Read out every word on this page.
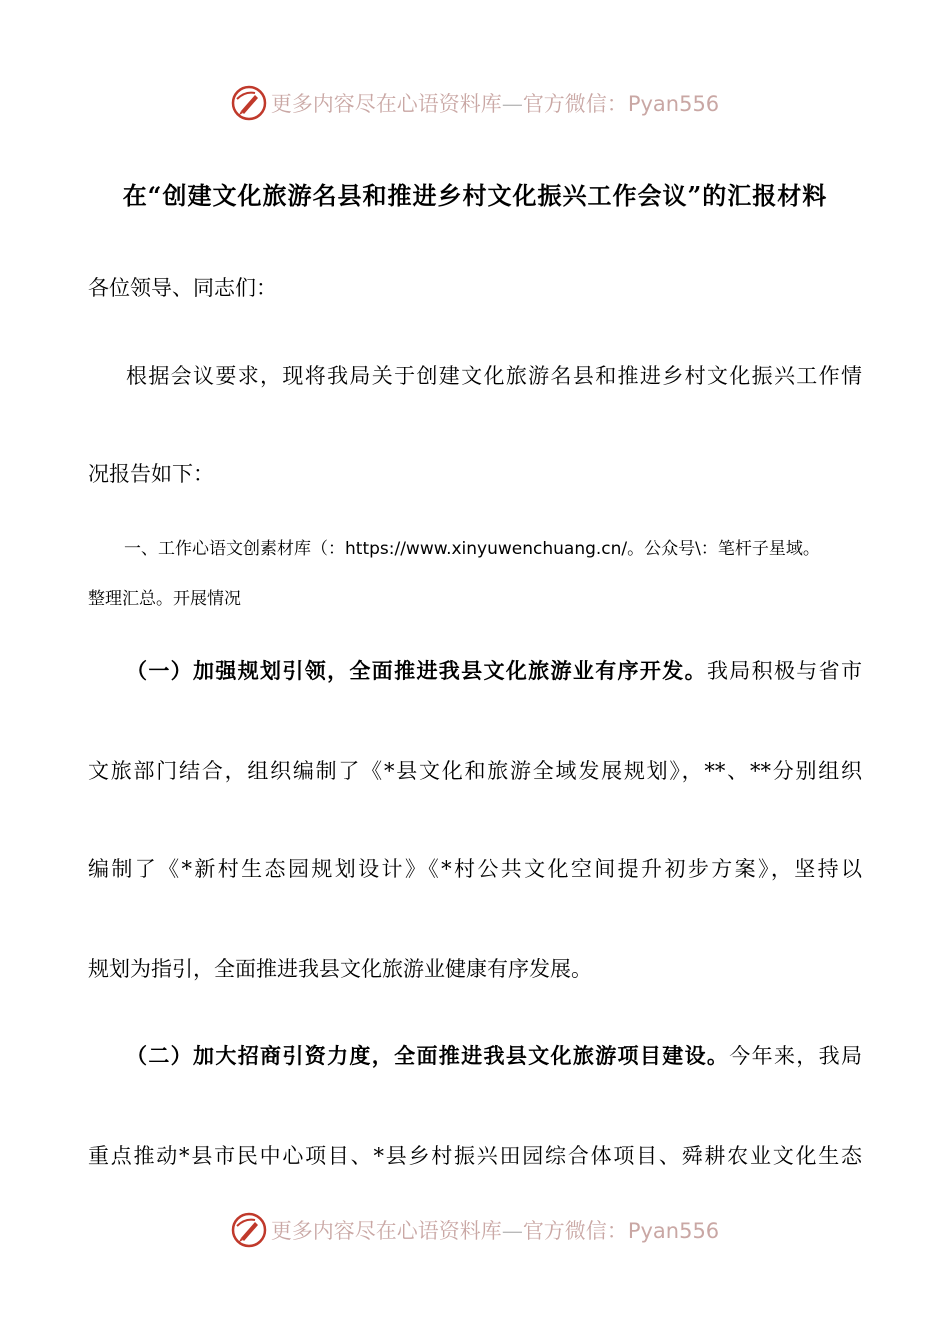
更多内容尽在心语资料库—官方微信：Pyan556
在“创建文化旅游名县和推进乡村文化振兴工作会议”的汇报材料
各位领导、同志们：
根据会议要求，现将我局关于创建文化旅游名县和推进乡村文化振兴工作情
况报告如下：
一、工作心语文创素材库（：https://www.xinyuwenchuang.cn/。公众号\：笔杆子星域。
整理汇总。开展情况
（一）加强规划引领，全面推进我县文化旅游业有序开发。我局积极与省市
文旅部门结合，组织编制了《*县文化和旅游全域发展规划》，**、**分别组织
编制了《*新村生态园规划设计》《*村公共文化空间提升初步方案》，坚持以
规划为指引，全面推进我县文化旅游业健康有序发展。
（二）加大招商引资力度，全面推进我县文化旅游项目建设。今年来，我局
重点推动*县市民中心项目、*县乡村振兴田园综合体项目、舜耕农业文化生态
更多内容尽在心语资料库—官方微信：Pyan556
